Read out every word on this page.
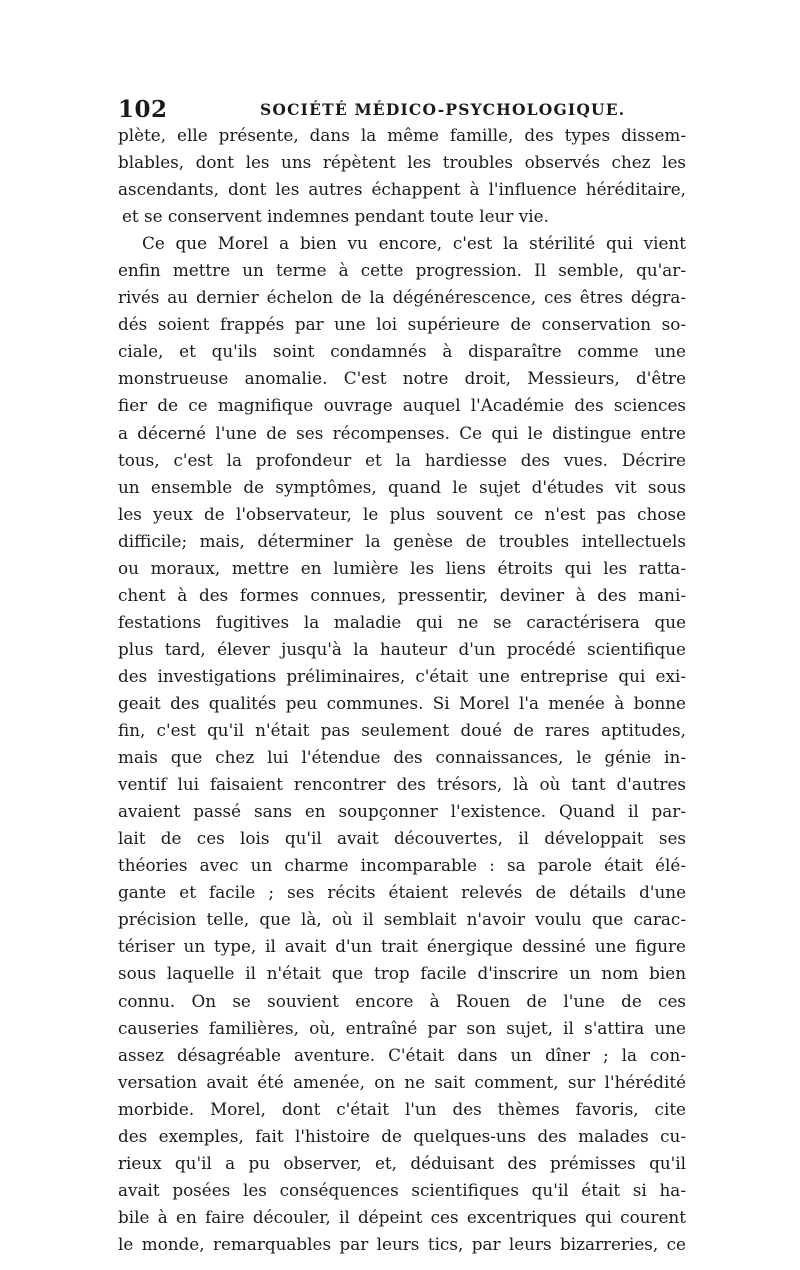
102	SOCIÉTÉ MÉDICO-PSYCHOLOGIQUE.
plète, elle présente, dans la même famille, des types dissem-
blables, dont les uns répètent les troubles observés chez les
ascendants, dont les autres échappent à l'influence héréditaire,
et se conservent indemnes pendant toute leur vie.
Ce que Morel a bien vu encore, c'est la stérilité qui vient
enfin mettre un terme à cette progression. Il semble, qu'ar-
rivés au dernier échelon de la dégénérescence, ces êtres dégra-
dés soient frappés par une loi supérieure de conservation so-
ciale, et qu'ils soint condamnés à disparaître comme une
monstrueuse anomalie. C'est notre droit, Messieurs, d'être
fier de ce magnifique ouvrage auquel l'Académie des sciences
a décerné l'une de ses récompenses. Ce qui le distingue entre
tous, c'est la profondeur et la hardiesse des vues. Décrire
un ensemble de symptômes, quand le sujet d'études vit sous
les yeux de l'observateur, le plus souvent ce n'est pas chose
difficile; mais, déterminer la genèse de troubles intellectuels
ou moraux, mettre en lumière les liens étroits qui les ratta-
chent à des formes connues, pressentir, deviner à des mani-
festations fugitives la maladie qui ne se caractérisera que
plus tard, élever jusqu'à la hauteur d'un procédé scientifique
des investigations préliminaires, c'était une entreprise qui exi-
geait des qualités peu communes. Si Morel l'a menée à bonne
fin, c'est qu'il n'était pas seulement doué de rares aptitudes,
mais que chez lui l'étendue des connaissances, le génie in-
ventif lui faisaient rencontrer des trésors, là où tant d'autres
avaient passé sans en soupçonner l'existence. Quand il par-
lait de ces lois qu'il avait découvertes, il développait ses
théories avec un charme incomparable : sa parole était élé-
gante et facile ; ses récits étaient relevés de détails d'une
précision telle, que là, où il semblait n'avoir voulu que carac-
tériser un type, il avait d'un trait énergique dessiné une figure
sous laquelle il n'était que trop facile d'inscrire un nom bien
connu. On se souvient encore à Rouen de l'une de ces
causeries familières, où, entraîné par son sujet, il s'attira une
assez désagréable aventure. C'était dans un dîner ; la con-
versation avait été amenée, on ne sait comment, sur l'hérédité
morbide. Morel, dont c'était l'un des thèmes favoris, cite
des exemples, fait l'histoire de quelques-uns des malades cu-
rieux qu'il a pu observer, et, déduisant des prémisses qu'il
avait posées les conséquences scientifiques qu'il était si ha-
bile à en faire découler, il dépeint ces excentriques qui courent
le monde, remarquables par leurs tics, par leurs bizarreries, ce
